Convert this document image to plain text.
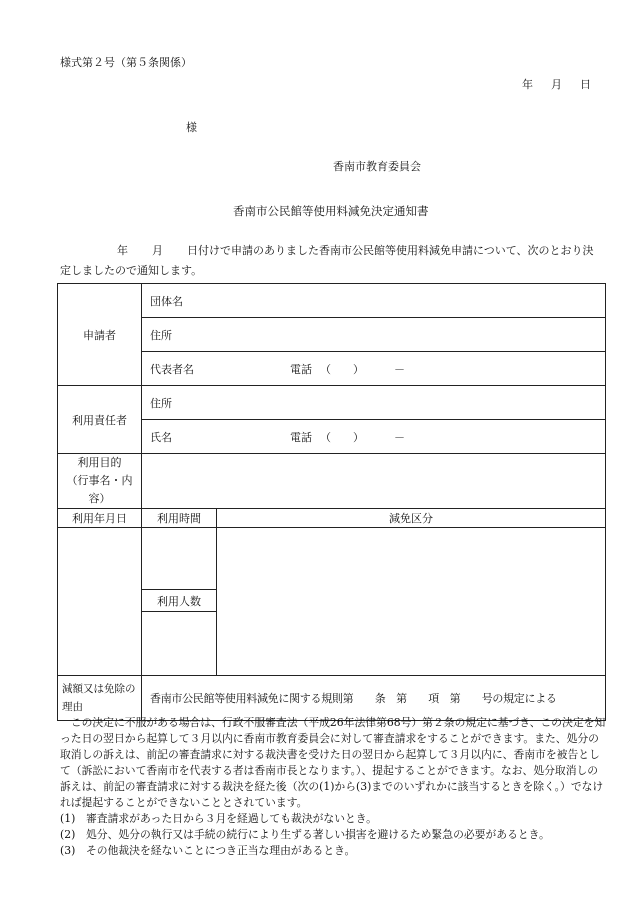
様式第２号（第５条関係）
年 月 日
様
香南市教育委員会
香南市公民館等使用料減免決定通知書
年 月 日付けで申請のありました香南市公民館等使用料減免申請について、次のとおり決定しましたので通知します。
申請者	団体名	
	住所	
	代表者名 電話 （ ） －	
利用責任者	住所	
	氏名 電話 （ ） －	
利用目的
（行事名・内容）		
利用年月日	利用時間	減免区分

	利用人数	

減額又は免除の
理由	香南市公民館等使用料減免に関する規則第　　条　第　　項　第　　号の規定による	

この決定に不服がある場合は、行政不服審査法（平成26年法律第68号）第２条の規定に基づき、この決定を知った日の翌日から起算して３月以内に香南市教育委員会に対して審査請求をすることができます。また、処分の取消しの訴えは、前記の審査請求に対する裁決書を受けた日の翌日から起算して３月以内に、香南市を被告として（訴訟において香南市を代表する者は香南市長となります。）、提起することができます。なお、処分取消しの訴えは、前記の審査請求に対する裁決を経た後（次の(1)から(3)までのいずれかに該当するときを除く。）でなければ提起することができないこととされています。

(1) 審査請求があった日から３月を経過しても裁決がないとき。

(2) 処分、処分の執行又は手続の続行により生ずる著しい損害を避けるため緊急の必要があるとき。

(3) その他裁決を経ないことにつき正当な理由があるとき。
